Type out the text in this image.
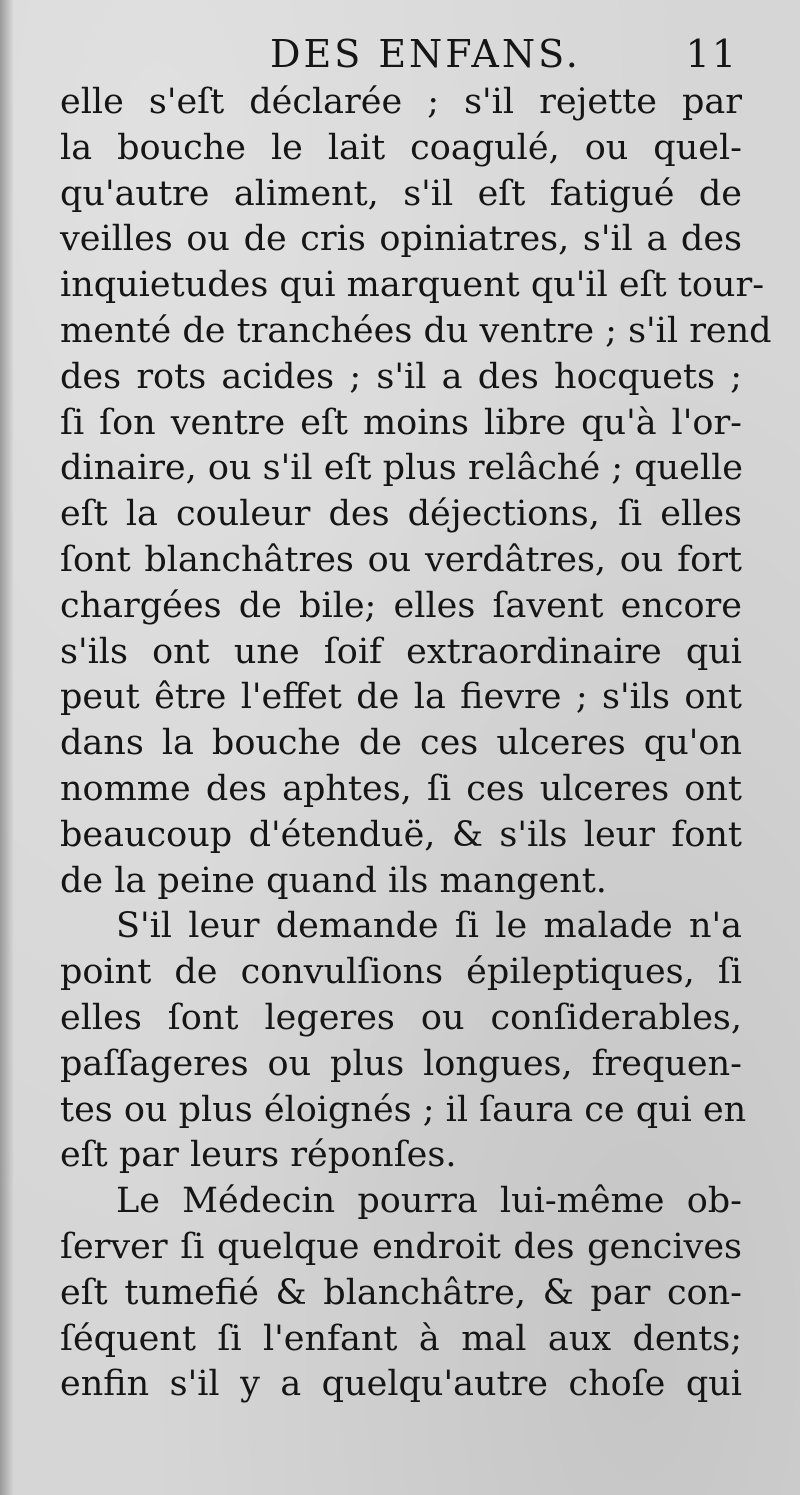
DES ENFANS.	11
elle s'eſt déclarée ; s'il rejette par
la bouche le lait coagulé, ou quel-
qu'autre aliment, s'il eſt fatigué de
veilles ou de cris opiniatres, s'il a des
inquietudes qui marquent qu'il eſt tour-
menté de tranchées du ventre ; s'il rend
des rots acides ; s'il a des hocquets ;
ſi ſon ventre eſt moins libre qu'à l'or-
dinaire, ou s'il eſt plus relâché ; quelle
eſt la couleur des déjections, ſi elles
ſont blanchâtres ou verdâtres, ou fort
chargées de bile; elles ſavent encore
s'ils ont une ſoif extraordinaire qui
peut être l'effet de la fievre ; s'ils ont
dans la bouche de ces ulceres qu'on
nomme des aphtes, ſi ces ulceres ont
beaucoup d'étenduë, & s'ils leur font
de la peine quand ils mangent.
S'il leur demande ſi le malade n'a
point de convulſions épileptiques, ſi
elles ſont legeres ou conſiderables,
paſſageres ou plus longues, frequen-
tes ou plus éloignés ; il ſaura ce qui en
eſt par leurs réponſes.
Le Médecin pourra lui-même ob-
ſerver ſi quelque endroit des gencives
eſt tumefié & blanchâtre, & par con-
ſéquent ſi l'enfant à mal aux dents;
enfin s'il y a quelqu'autre choſe qui
